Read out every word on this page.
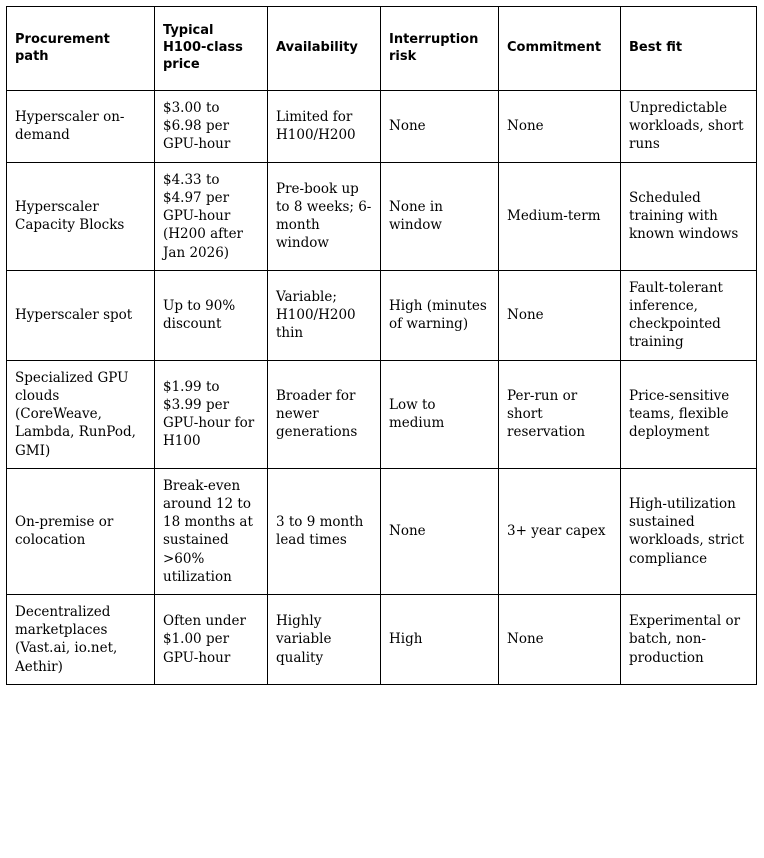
Procurement path	Typical H100-class price	Availability	Interruption risk	Commitment	Best fit

Hyperscaler on-demand	$3.00 to $6.98 per GPU-hour	Limited for H100/H200	None	None	Unpredictable workloads, short runs

Hyperscaler Capacity Blocks	$4.33 to $4.97 per GPU-hour (H200 after Jan 2026)	Pre-book up to 8 weeks; 6-month window	None in window	Medium-term	Scheduled training with known windows

Hyperscaler spot	Up to 90% discount	Variable; H100/H200 thin	High (minutes of warning)	None	Fault-tolerant inference, checkpointed training

Specialized GPU clouds (CoreWeave, Lambda, RunPod, GMI)	$1.99 to $3.99 per GPU-hour for H100	Broader for newer generations	Low to medium	Per-run or short reservation	Price-sensitive teams, flexible deployment

On-premise or colocation	Break-even around 12 to 18 months at sustained >60% utilization	3 to 9 month lead times	None	3+ year capex	High-utilization sustained workloads, strict compliance

Decentralized marketplaces (Vast.ai, io.net, Aethir)	Often under $1.00 per GPU-hour	Highly variable quality	High	None	Experimental or batch, non-production
